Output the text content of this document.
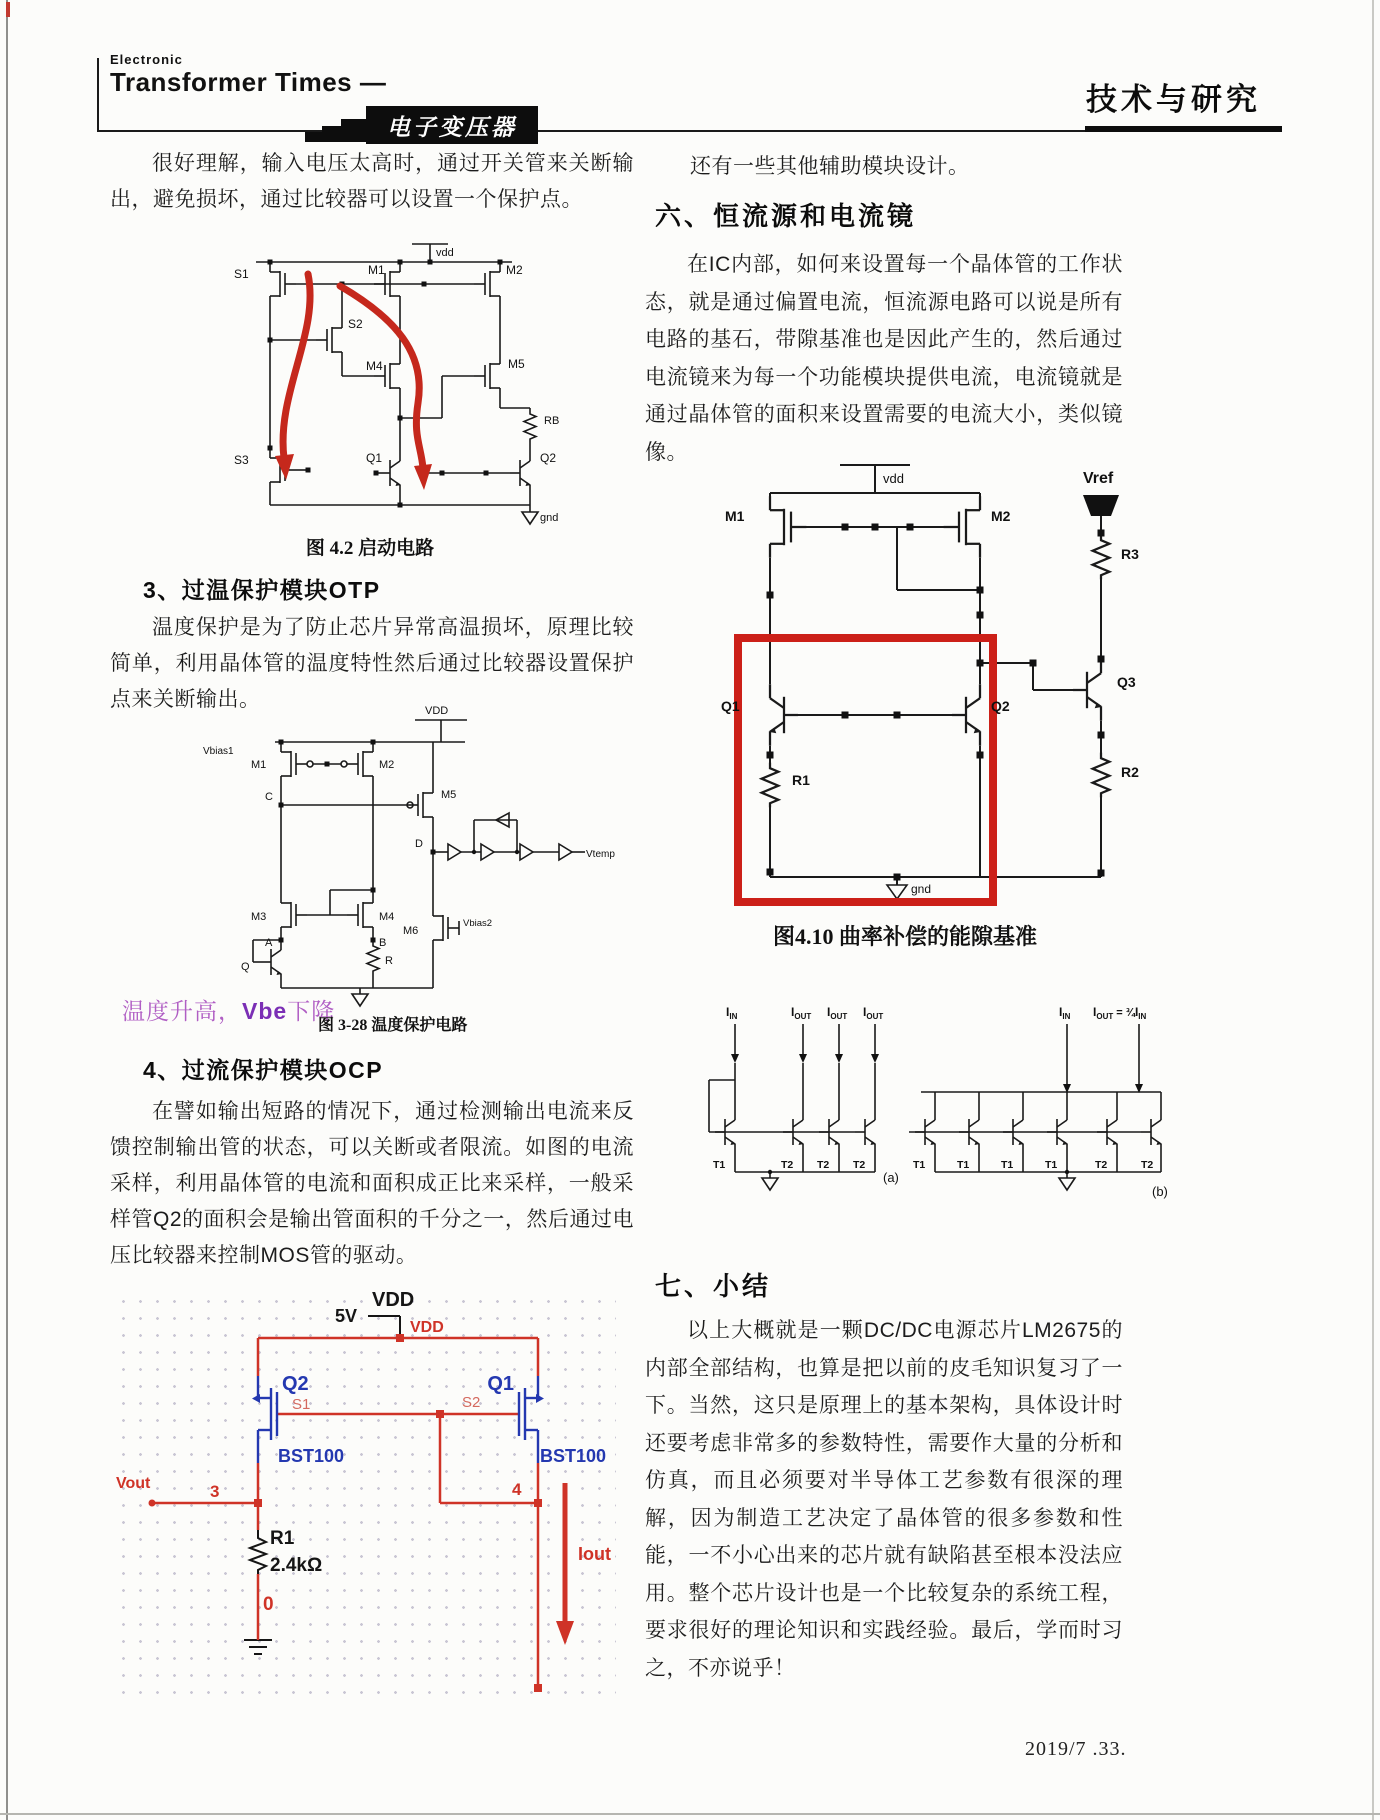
Electronic
Transformer Times —
电子变压器
技术与研究

很好理解，输入电压太高时，通过开关管来关断输出，避免损坏，通过比较器可以设置一个保护点。

vdd
S1
S2
S3
M1	M2
M4	M5
Q1	Q2
RB
gnd
图 4.2 启动电路
3、过温保护模块OTP

温度保护是为了防止芯片异常高温损坏，原理比较简单，利用晶体管的温度特性然后通过比较器设置保护点来关断输出。	VDD
Vbias1
M1	M2
M5
C
D
M3	M4
A	B
Q	R
M6
Vbias2
Vtemp
温度升高，Vbe下降
图 3-28 温度保护电路
4、过流保护模块OCP

在譬如输出短路的情况下，通过检测输出电流来反馈控制输出管的状态，可以关断或者限流。如图的电流采样，利用晶体管的电流和面积成正比来采样，一般采样管Q2的面积会是输出管面积的千分之一，然后通过电压比较器来控制MOS管的驱动。

VDD
5V
VDD
Q2	Q1
S1	S2
BST100	BST100
Vout	3	4
R1
2.4kΩ
0
Iout

还有一些其他辅助模块设计。

六、恒流源和电流镜

在IC内部，如何来设置每一个晶体管的工作状态，就是通过偏置电流，恒流源电路可以说是所有电路的基石，带隙基准也是因此产生的，然后通过电流镜来为每一个功能模块提供电流，电流镜就是通过晶体管的面积来设置需要的电流大小，类似镜像。

vdd
M1	M2
Vref
R3
Q1	Q2
Q3
R1	R2
gnd
图4.10 曲率补偿的能隙基准
$I_{IN}$	$I_{OUT}$ $I_{OUT}$ $I_{OUT}$	$I_{IN}$ $I_{OUT}$ = $\frac{3}{4}I_{IN}$
T1	T2 T2 T2	T1	T1	T1	T1	T2	T2
(a)
(b)
七、小结

以上大概就是一颗DC/DC电源芯片LM2675的内部全部结构，也算是把以前的皮毛知识复习了一下。当然，这只是原理上的基本架构，具体设计时还要考虑非常多的参数特性，需要作大量的分析和仿真，而且必须要对半导体工艺参数有很深的理解，因为制造工艺决定了晶体管的很多参数和性能，一不小心出来的芯片就有缺陷甚至根本没法应用。整个芯片设计也是一个比较复杂的系统工程，要求很好的理论知识和实践经验。最后，学而时习之，不亦说乎！

2019/7 .33.
